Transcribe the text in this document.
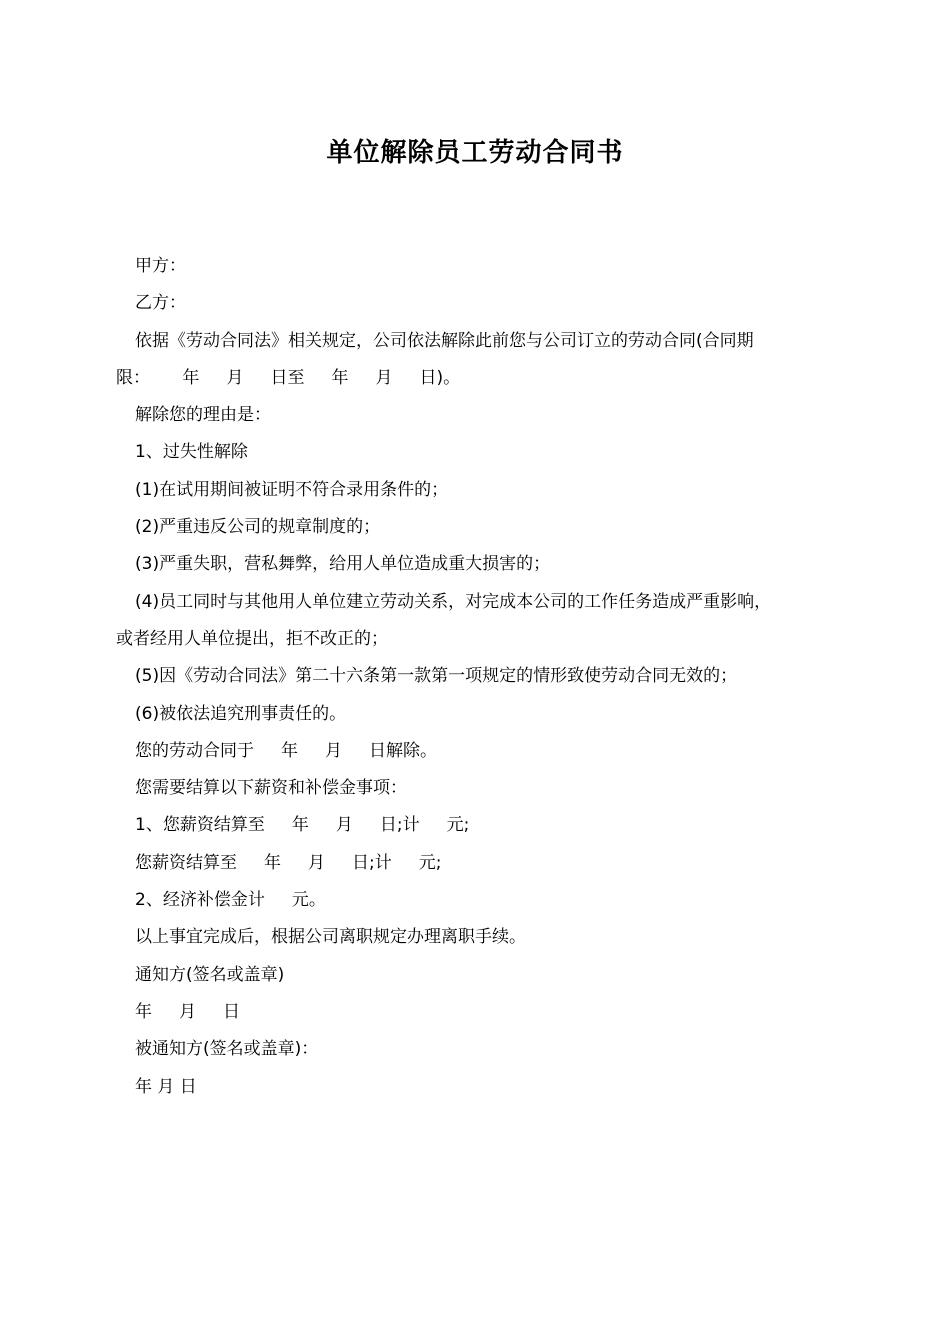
单位解除员工劳动合同书
甲方：
乙方：
依据《劳动合同法》相关规定，公司依法解除此前您与公司订立的劳动合同(合同期
限：      年     月     日至     年     月     日)。
解除您的理由是：
1、过失性解除
(1)在试用期间被证明不符合录用条件的；
(2)严重违反公司的规章制度的；
(3)严重失职，营私舞弊，给用人单位造成重大损害的；
(4)员工同时与其他用人单位建立劳动关系，对完成本公司的工作任务造成严重影响，
或者经用人单位提出，拒不改正的；
(5)因《劳动合同法》第二十六条第一款第一项规定的情形致使劳动合同无效的；
(6)被依法追究刑事责任的。
您的劳动合同于     年     月     日解除。
您需要结算以下薪资和补偿金事项：
1、您薪资结算至     年     月     日;计     元;
您薪资结算至     年     月     日;计     元;
2、经济补偿金计     元。
以上事宜完成后，根据公司离职规定办理离职手续。
通知方(签名或盖章)
年     月     日
被通知方(签名或盖章)：
年 月 日
